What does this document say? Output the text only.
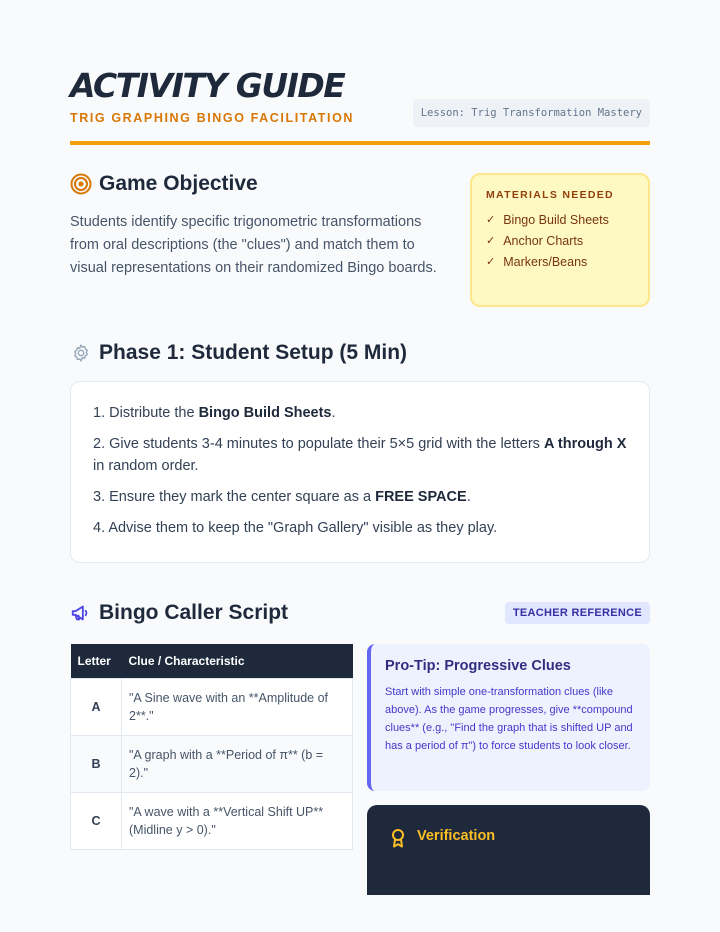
ACTIVITY GUIDE
TRIG GRAPHING BINGO FACILITATION	Lesson: Trig Transformation Mastery
Game Objective

Students identify specific trigonometric transformations from oral descriptions (the "clues") and match them to visual representations on their randomized Bingo boards.

MATERIALS NEEDED
✓ Bingo Build Sheets
✓ Anchor Charts
✓ Markers/Beans
Phase 1: Student Setup (5 Min)

1. Distribute the Bingo Build Sheets.

2. Give students 3-4 minutes to populate their 5×5 grid with the letters A through X in random order.

3. Ensure they mark the center square as a FREE SPACE.

4. Advise them to keep the "Graph Gallery" visible as they play.

Bingo Caller Script	TEACHER REFERENCE
Letter	Clue / Characteristic
A	"A Sine wave with an **Amplitude of 2**."
B	"A graph with a **Period of π** (b = 2)."
C	"A wave with a **Vertical Shift UP** (Midline y > 0)."
Pro-Tip: Progressive Clues

Start with simple one-transformation clues (like above). As the game progresses, give **compound clues** (e.g., "Find the graph that is shifted UP and has a period of π") to force students to look closer.

Verification
